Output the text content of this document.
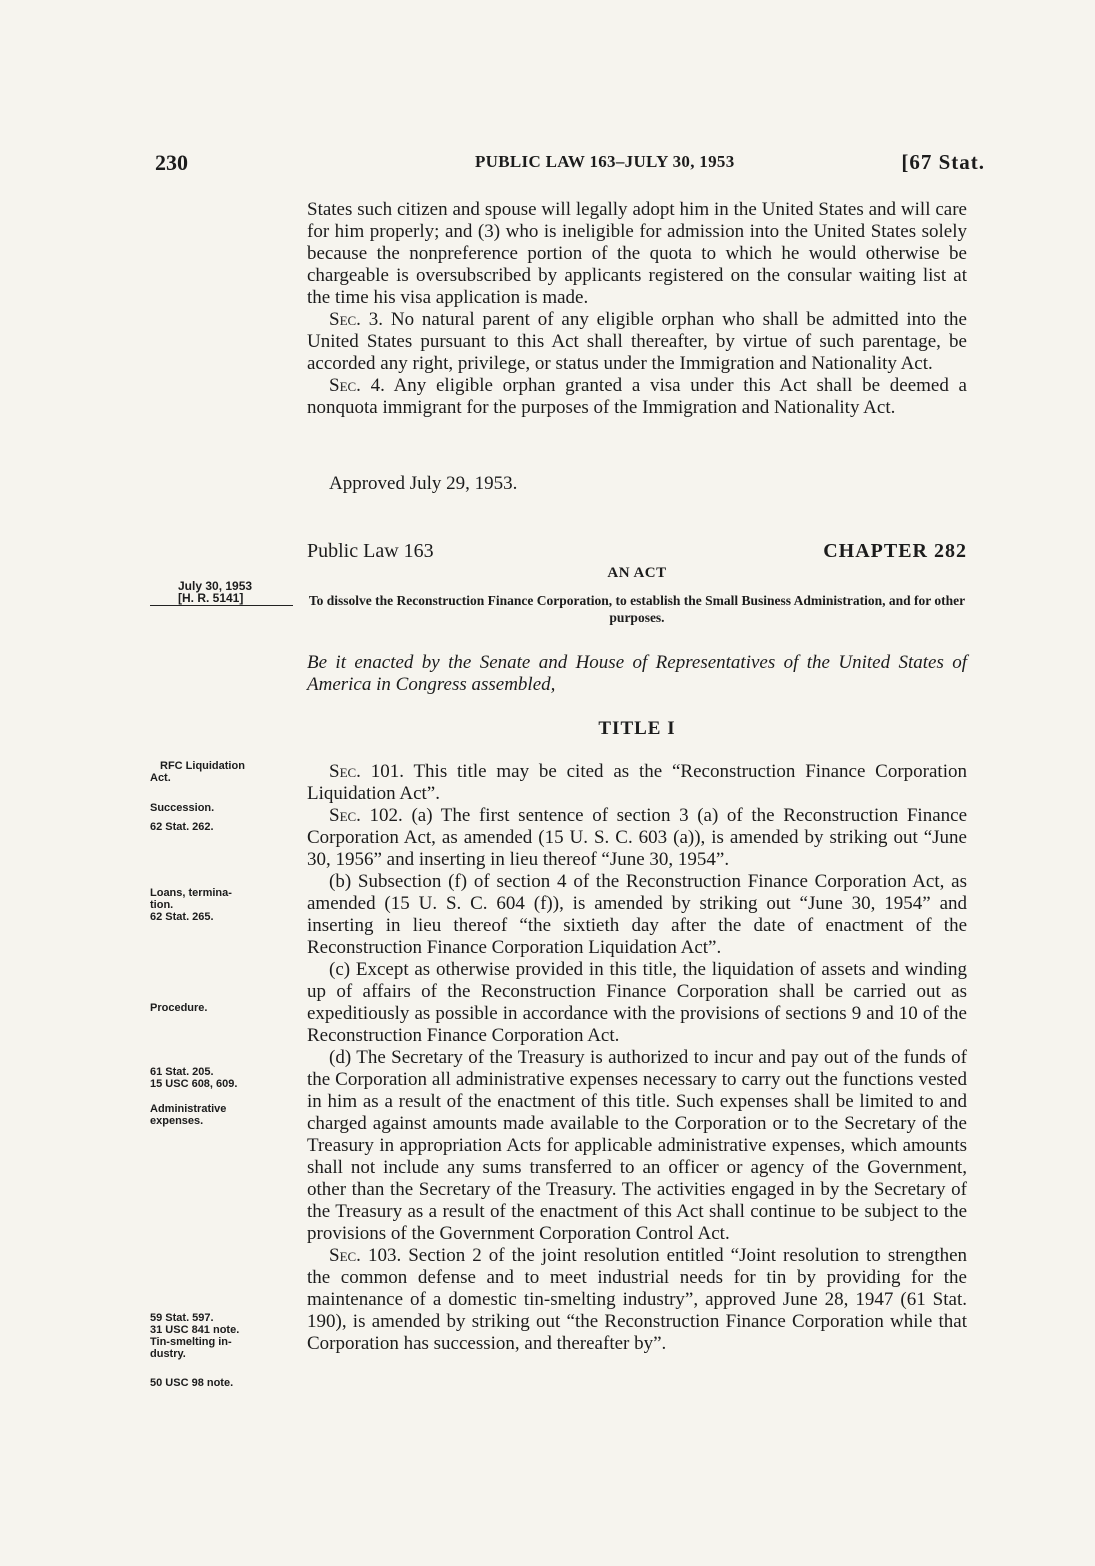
230	PUBLIC LAW 163–JULY 30, 1953	[67 Stat.

States such citizen and spouse will legally adopt him in the United States and will care for him properly; and (3) who is ineligible for admission into the United States solely because the nonpreference portion of the quota to which he would otherwise be chargeable is oversubscribed by applicants registered on the consular waiting list at the time his visa application is made.

Sec. 3. No natural parent of any eligible orphan who shall be admitted into the United States pursuant to this Act shall thereafter, by virtue of such parentage, be accorded any right, privilege, or status under the Immigration and Nationality Act.

Sec. 4. Any eligible orphan granted a visa under this Act shall be deemed a nonquota immigrant for the purposes of the Immigration and Nationality Act.

Approved July 29, 1953.
Public Law 163	CHAPTER 282
AN ACT
To dissolve the Reconstruction Finance Corporation, to establish the Small Business Administration, and for other purposes.
July 30, 1953
[H. R. 5141]
Be it enacted by the Senate and House of Representatives of the United States of America in Congress assembled,
TITLE I
RFC Liquidation
Act.
Succession.
62 Stat. 262.
Loans, termina-
tion.
62 Stat. 265.
Procedure.
61 Stat. 205.
15 USC 608, 609.
Administrative
expenses.
59 Stat. 597.
31 USC 841 note.
Tin-smelting in-
dustry.
50 USC 98 note.

Sec. 101. This title may be cited as the “Reconstruction Finance Corporation Liquidation Act”.

Sec. 102. (a) The first sentence of section 3 (a) of the Reconstruction Finance Corporation Act, as amended (15 U. S. C. 603 (a)), is amended by striking out “June 30, 1956” and inserting in lieu thereof “June 30, 1954”.

(b) Subsection (f) of section 4 of the Reconstruction Finance Corporation Act, as amended (15 U. S. C. 604 (f)), is amended by striking out “June 30, 1954” and inserting in lieu thereof “the sixtieth day after the date of enactment of the Reconstruction Finance Corporation Liquidation Act”.

(c) Except as otherwise provided in this title, the liquidation of assets and winding up of affairs of the Reconstruction Finance Corporation shall be carried out as expeditiously as possible in accordance with the provisions of sections 9 and 10 of the Reconstruction Finance Corporation Act.

(d) The Secretary of the Treasury is authorized to incur and pay out of the funds of the Corporation all administrative expenses necessary to carry out the functions vested in him as a result of the enactment of this title. Such expenses shall be limited to and charged against amounts made available to the Corporation or to the Secretary of the Treasury in appropriation Acts for applicable administrative expenses, which amounts shall not include any sums transferred to an officer or agency of the Government, other than the Secretary of the Treasury. The activities engaged in by the Secretary of the Treasury as a result of the enactment of this Act shall continue to be subject to the provisions of the Government Corporation Control Act.

Sec. 103. Section 2 of the joint resolution entitled “Joint resolution to strengthen the common defense and to meet industrial needs for tin by providing for the maintenance of a domestic tin-smelting industry”, approved June 28, 1947 (61 Stat. 190), is amended by striking out “the Reconstruction Finance Corporation while that Corporation has succession, and thereafter by”.
